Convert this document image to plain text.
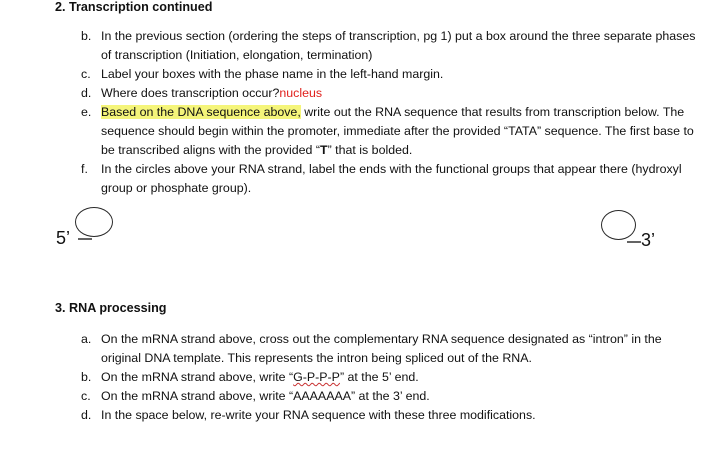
2. Transcription continued
b. In the previous section (ordering the steps of transcription, pg 1) put a box around the three separate phases of transcription (Initiation, elongation, termination)
c. Label your boxes with the phase name in the left-hand margin.
d. Where does transcription occur?nucleus
e. Based on the DNA sequence above, write out the RNA sequence that results from transcription below. The sequence should begin within the promoter, immediate after the provided “TATA” sequence. The first base to be transcribed aligns with the provided “T” that is bolded.
f. In the circles above your RNA strand, label the ends with the functional groups that appear there (hydroxyl group or phosphate group).
5’	3’
3. RNA processing
a. On the mRNA strand above, cross out the complementary RNA sequence designated as “intron” in the original DNA template. This represents the intron being spliced out of the RNA.
b. On the mRNA strand above, write “G-P-P-P” at the 5’ end.
c. On the mRNA strand above, write “AAAAAAA” at the 3’ end.
d. In the space below, re-write your RNA sequence with these three modifications.
